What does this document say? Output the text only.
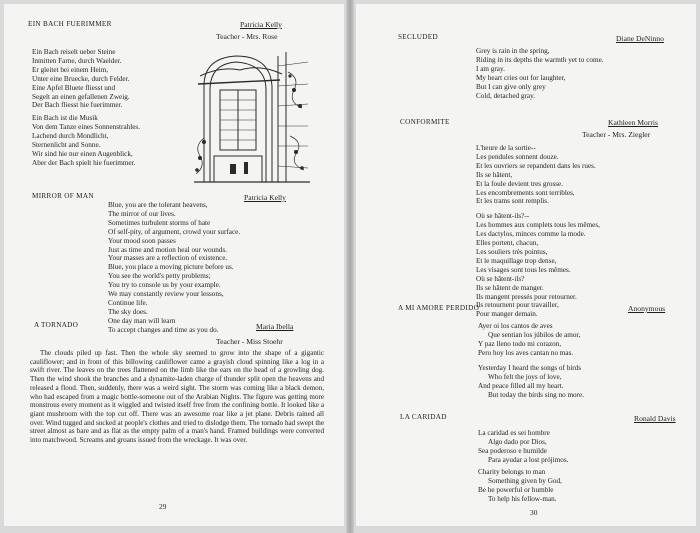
EIN BACH FUERIMMER	Patricia Kelly
Teacher - Mrs. Rose
Ein Bach reiselt ueber Steine
Inmitten Farne, durch Waelder.
Er gleitet bei einem Heim,
Unter eine Bruecke, durch Felder.
Eine Apfel Bluete fliesst und
Segelt an einen gefallenen Zweig.
Der Bach fliesst hie fuerimmer.
Ein Bach ist die Musik
Von dem Tanze eines Sonnenstrahles.
Lachend durch Mondlicht,
Sternenlicht and Sonne.
Wir sind hie nur einen Augenblick,
Aber der Bach spielt hie fuerimmer.
MIRROR OF MAN	Patricia Kelly
Blue, you are the tolerant heavens,
The mirror of our lives.
Sometimes turbulent storms of hate
Of self-pity, of argument, crowd your surface.
Your mood soon passes
Just as time and motion heal our wounds.
Your masses are a reflection of existence.
Blue, you place a moving picture before us.
You see the world's petty problems;
You try to console us by your example.
We may constantly review your lessons,
Continue life.
The sky does.
One day man will learn
To accept changes and time as you do.
A TORNADO	Maria Ibella
Teacher - Miss Stoehr

The clouds piled up fast. Then the whole sky seemed to grow into the shape of a gigantic cauliflower; and in front of this billowing cauliflower came a grayish cloud spinning like a log in a swift river. The leaves on the trees flattened on the limb like the ears on the head of a growling dog. Then the wind shook the branches and a dynamite-laden charge of thunder split open the heavens and released a flood. Then, suddenly, there was a weird sight. The storm was coming like a black demon, who had escaped from a magic bottle-someone out of the Arabian Nights. The figure was getting more monstrous every moment as it wiggled and twisted itself free from the confining bottle. It looked like a giant mushroom with the top cut off. There was an awesome roar like a jet plane. Debris rained all over. Wind tugged and sucked at people's clothes and tried to dislodge them. The tornado had swept the street almost as bare and as flat as the empty palm of a man's hand. Framed buildings were converted into matchwood. Screams and groans issued from the wreckage. It was over.

29
SECLUDED	Diane DeNinno
Grey is rain in the spring,
Riding in its depths the warmth yet to come.
I am gray.
My heart cries out for laughter,
But I can give only grey
Cold, detached gray.
CONFORMITE	Kathleen Morris
Teacher - Mrs. Ziegler
L'heure de la sortie--
Les pendules sonnent douze.
Et les ouvriers se repandent dans les rues.
Ils se hâtent,
Et la foule devient tres grosse.
Les encombrements sont terribles,
Et les trams sont remplis.
Où se hâtent-ils?--
Les hommes aux complets tous les mêmes,
Les dactylos, minces comme la mode.
Elles portent, chacun,
Les souliers très pointus,
Et le maquillage trop dense,
Les visages sont tous les mêmes.
Où se hâtent-ils?
Ils se hâtent de manger.
Ils mangent pressés pour retourner.
Ils retournent pour travailler,
Pour manger demain.
A MI AMORE PERDIDO	Anonymous
Ayer oi los cantos de aves
Que sentian los júbilos de amor,
Y paz lleno todo mi corazon,
Pero hoy los aves cantan no mas.
Yesterday I heard the songs of birds
Who felt the joys of love,
And peace filled all my heart.
But today the birds sing no more.
LA CARIDAD	Ronald Davis
La caridad es sei hombre
Algo dado por Dios,
Sea poderoso e humilde
Para ayudar a lost prójimos.
Charity belongs to man
Something given by God,
Be he powerful or humble
To help his fellow-man.
30
